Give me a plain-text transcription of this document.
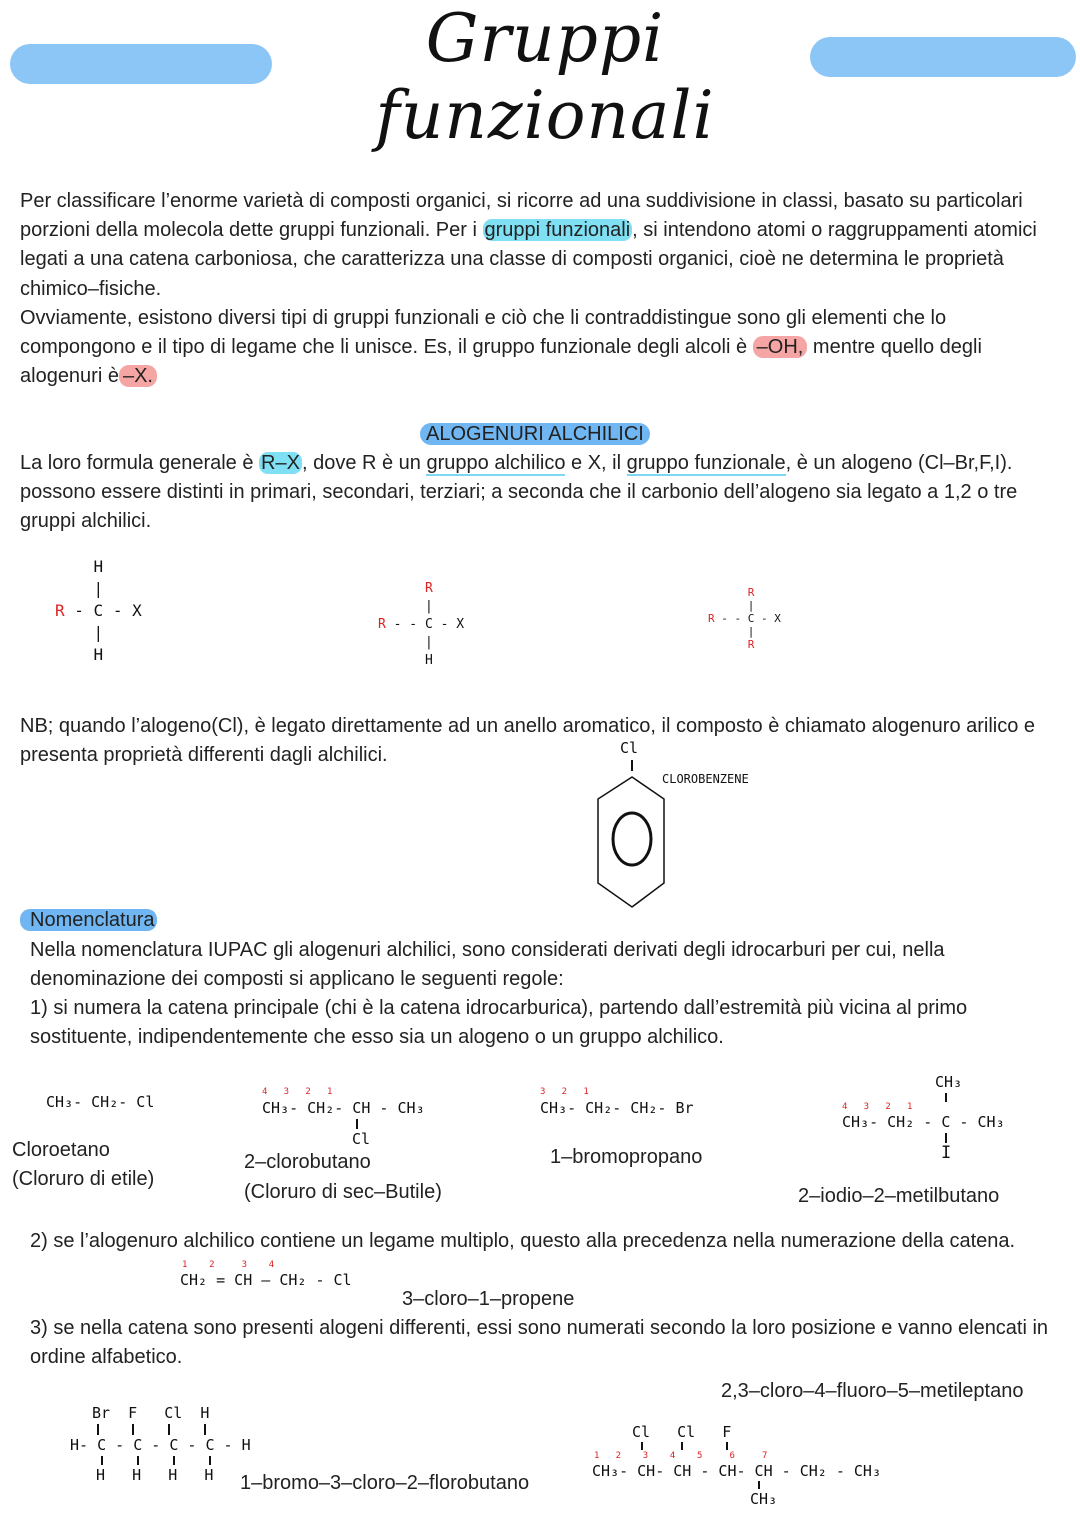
Gruppi funzionali
Per classificare l’enorme varietà di composti organici, si ricorre ad una suddivisione in classi, basato su particolari porzioni della molecola dette gruppi funzionali. Per i gruppi funzionali , si intendono atomi o raggruppamenti atomici legati a una catena carboniosa, che caratterizza una classe di composti organici, cioè ne determina le proprietà chimico–fisiche.
Ovviamente, esistono diversi tipi di gruppi funzionali e ciò che li contraddistingue sono gli elementi che lo compongono e il tipo di legame che li unisce. Es, il gruppo funzionale degli alcoli è –OH, mentre quello degli alogenuri è –X.
ALOGENURI ALCHILICI
La loro formula generale è R–X , dove R è un gruppo alchilico e X, il gruppo funzionale, è un alogeno (Cl–Br,F,I). possono essere distinti in primari, secondari, terziari; a seconda che il carbonio dell’alogeno sia legato a 1,2 o tre gruppi alchilici.
H
|
R - C - X
|
H
R
|
R - - C - X
|
H
R
|
R - - C - X
|
R
NB; quando l’alogeno(Cl), è legato direttamente ad un anello aromatico, il composto è chiamato alogenuro arilico e presenta proprietà differenti dagli alchilici.	Cl
CLOROBENZENE
Nomenclatura
Nella nomenclatura IUPAC gli alogenuri alchilici, sono considerati derivati degli idrocarburi per cui, nella denominazione dei composti si applicano le seguenti regole:
1) si numera la catena principale (chi è la catena idrocarburica), partendo dall’estremità più vicina al primo sostituente, indipendentemente che esso sia un alogeno o un gruppo alchilico.
CH₃- CH₂- Cl
Cloroetano
(Cloruro di etile)
4   3   2   1
CH₃- CH₂- CH - CH₃
Cl
2–clorobutano
(Cloruro di sec–Butile)
3   2   1
CH₃- CH₂- CH₂- Br
1–bromopropano
CH₃
4   3   2   1
CH₃- CH₂ - C - CH₃
I
2–iodio–2–metilbutano
2) se l’alogenuro alchilico contiene un legame multiplo, questo alla precedenza nella numerazione della catena.
1    2     3    4
CH₂ = CH – CH₂ - Cl
3–cloro–1–propene
3) se nella catena sono presenti alogeni differenti, essi sono numerati secondo la loro posizione e vanno elencati in ordine alfabetico.
Br  F   Cl  H
H- C - C - C - C - H
H   H   H   H 1–bromo–3–cloro–2–florobutano
2,3–cloro–4–fluoro–5–metileptano
Cl   Cl   F
1   2    3    4    5     6     7
CH₃- CH- CH - CH- CH - CH₂ - CH₃
CH₃
